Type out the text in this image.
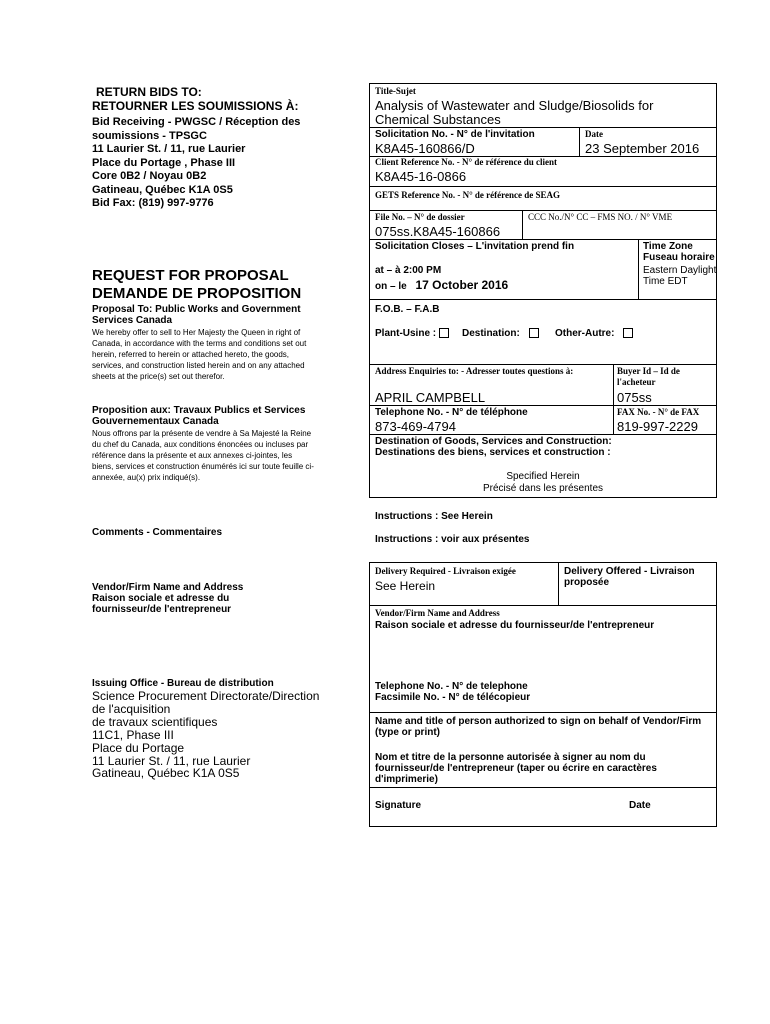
RETURN BIDS TO:
RETOURNER LES SOUMISSIONS À:
Bid Receiving - PWGSC / Réception des
soumissions - TPSGC
11 Laurier St. / 11, rue Laurier
Place du Portage , Phase III
Core 0B2 / Noyau 0B2
Gatineau, Québec K1A 0S5
Bid Fax: (819) 997-9776
REQUEST FOR PROPOSAL
DEMANDE DE PROPOSITION
Proposal To: Public Works and Government Services Canada
We hereby offer to sell to Her Majesty the Queen in right of Canada, in accordance with the terms and conditions set out herein, referred to herein or attached hereto, the goods, services, and construction listed herein and on any attached sheets at the price(s) set out therefor.
Proposition aux: Travaux Publics et Services Gouvernementaux Canada
Nous offrons par la présente de vendre à Sa Majesté la Reine du chef du Canada, aux conditions énoncées ou incluses par référence dans la présente et aux annexes ci-jointes, les biens, services et construction énumérés ici sur toute feuille ci-annexée, au(x) prix indiqué(s).
Comments - Commentaires
Vendor/Firm Name and Address
Raison sociale et adresse du
fournisseur/de l'entrepreneur
Issuing Office - Bureau de distribution
Science Procurement Directorate/Direction
de l'acquisition
de travaux scientifiques
11C1, Phase III
Place du Portage
11 Laurier St. / 11, rue Laurier
Gatineau, Québec K1A 0S5
Title-Sujet
Analysis of Wastewater and Sludge/Biosolids for Chemical Substances
Solicitation No. - N° de l'invitation
K8A45-160866/D
Date
23 September 2016
Client Reference No. - N° de référence du client
K8A45-16-0866
GETS Reference No. - N° de référence de SEAG
File No. – N° de dossier
075ss.K8A45-160866
CCC No./N° CC – FMS NO. / N° VME
Solicitation Closes – L'invitation prend fin
at – à 2:00 PM
on – le 17 October 2016
Time Zone
Fuseau horaire
Eastern Daylight
Time EDT
F.O.B. – F.A.B
Plant-Usine :	Destination:	Other-Autre:
Address Enquiries to: - Adresser toutes questions à:
APRIL CAMPBELL
Buyer Id – Id de l'acheteur
075ss
Telephone No. - N° de téléphone
873-469-4794
FAX No. - N° de FAX
819-997-2229
Destination of Goods, Services and Construction:
Destinations des biens, services et construction :
Specified Herein
Précisé dans les présentes
Instructions : See Herein
Instructions : voir aux présentes
Delivery Required - Livraison exigée
See Herein
Delivery Offered - Livraison proposée
Vendor/Firm Name and Address
Raison sociale et adresse du fournisseur/de l'entrepreneur
Telephone No. - N° de telephone
Facsimile No. - N° de télécopieur
Name and title of person authorized to sign on behalf of Vendor/Firm (type or print)
Nom et titre de la personne autorisée à signer au nom du fournisseur/de l'entrepreneur (taper ou écrire en caractères d'imprimerie)
Signature	Date
